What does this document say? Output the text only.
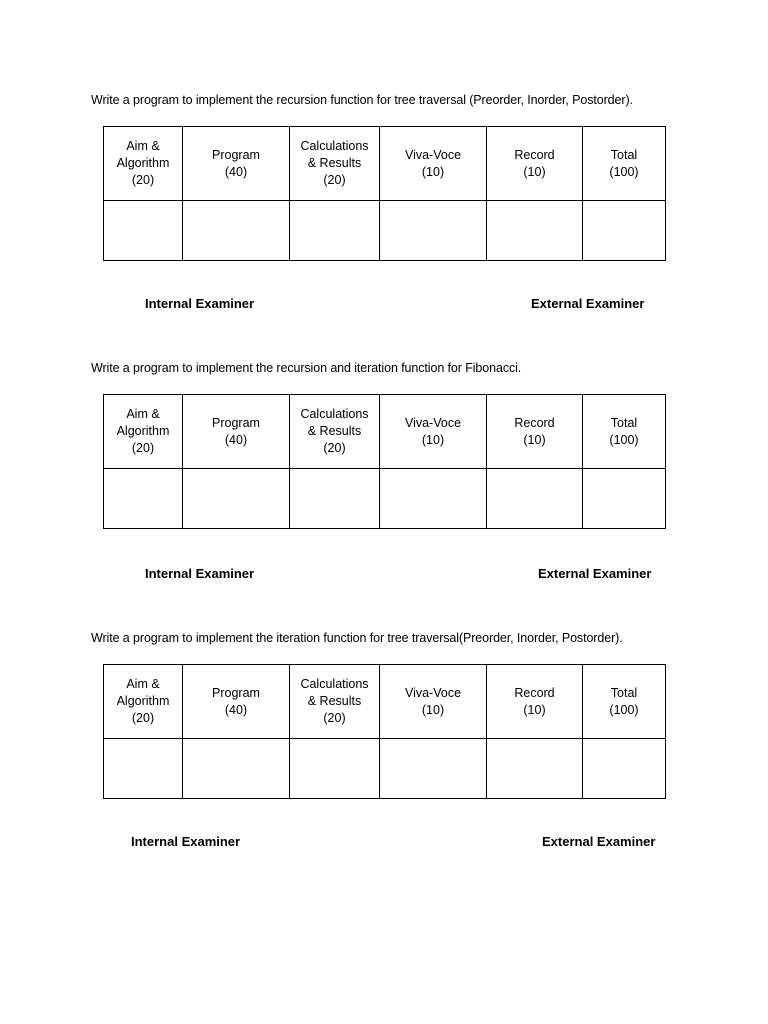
Write a program to implement the recursion function for tree traversal (Preorder, Inorder, Postorder).
Aim &
Algorithm
(20)	Program
(40)	Calculations
& Results
(20)	Viva-Voce
(10)	Record
(10)	Total
(100)

Internal Examiner	External Examiner
Write a program to implement the recursion and iteration function for Fibonacci.
Aim &
Algorithm
(20)	Program
(40)	Calculations
& Results
(20)	Viva-Voce
(10)	Record
(10)	Total
(100)

Internal Examiner	External Examiner
Write a program to implement the iteration function for tree traversal(Preorder, Inorder, Postorder).
Aim &
Algorithm
(20)	Program
(40)	Calculations
& Results
(20)	Viva-Voce
(10)	Record
(10)	Total
(100)

Internal Examiner	External Examiner
